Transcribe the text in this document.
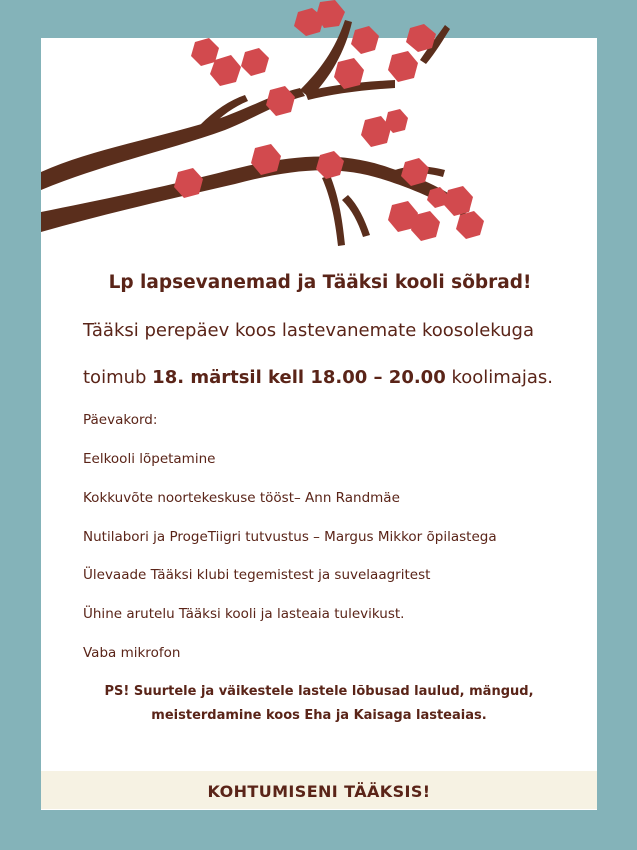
Lp lapsevanemad ja Tääksi kooli sõbrad!
Tääksi perepäev koos lastevanemate koosolekuga
toimub 18. märtsil kell 18.00 – 20.00 koolimajas.
Päevakord:
Eelkooli lõpetamine
Kokkuvõte noortekeskuse tööst– Ann Randmäe
Nutilabori ja ProgeTiigri tutvustus – Margus Mikkor õpilastega
Ülevaade Tääksi klubi tegemistest ja suvelaagritest
Ühine arutelu Tääksi kooli ja lasteaia tulevikust.
Vaba mikrofon
PS! Suurtele ja väikestele lastele lõbusad laulud, mängud,
meisterdamine koos Eha ja Kaisaga lasteaias.
KOHTUMISENI TÄÄKSIS!
